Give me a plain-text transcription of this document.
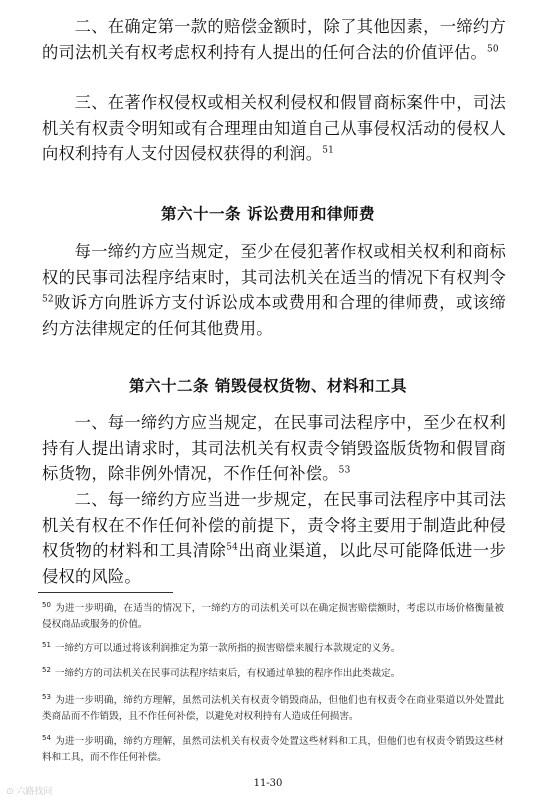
二、在确定第一款的赔偿金额时，除了其他因素，一缔约方的司法机关有权考虑权利持有人提出的任何合法的价值评估。$^{50}$

三、在著作权侵权或相关权利侵权和假冒商标案件中，司法机关有权责令明知或有合理理由知道自己从事侵权活动的侵权人向权利持有人支付因侵权获得的利润。$^{51}$

第六十一条 诉讼费用和律师费

每一缔约方应当规定，至少在侵犯著作权或相关权利和商标权的民事司法程序结束时，其司法机关在适当的情况下有权判令$^{52}$败诉方向胜诉方支付诉讼成本或费用和合理的律师费，或该缔约方法律规定的任何其他费用。

第六十二条 销毁侵权货物、材料和工具

一、每一缔约方应当规定，在民事司法程序中，至少在权利持有人提出请求时，其司法机关有权责令销毁盗版货物和假冒商标货物，除非例外情况，不作任何补偿。$^{53}$

二、每一缔约方应当进一步规定，在民事司法程序中其司法机关有权在不作任何补偿的前提下，责令将主要用于制造此种侵权货物的材料和工具清除$^{54}$出商业渠道，以此尽可能降低进一步侵权的风险。

$^{50}$ 为进一步明确，在适当的情况下，一缔约方的司法机关可以在确定损害赔偿额时，考虑以市场价格衡量被侵权商品或服务的价值。

$^{51}$ 一缔约方可以通过将该利润推定为第一款所指的损害赔偿来履行本款规定的义务。

$^{52}$ 一缔约方的司法机关在民事司法程序结束后，有权通过单独的程序作出此类裁定。

$^{53}$ 为进一步明确，缔约方理解，虽然司法机关有权责令销毁商品，但他们也有权责令在商业渠道以外处置此类商品而不作销毁，且不作任何补偿，以避免对权利持有人造成任何损害。

$^{54}$ 为进一步明确，缔约方理解，虽然司法机关有权责令处置这些材料和工具，但他们也有权责令销毁这些材料和工具，而不作任何补偿。

11-30
⊙ 六路找问
